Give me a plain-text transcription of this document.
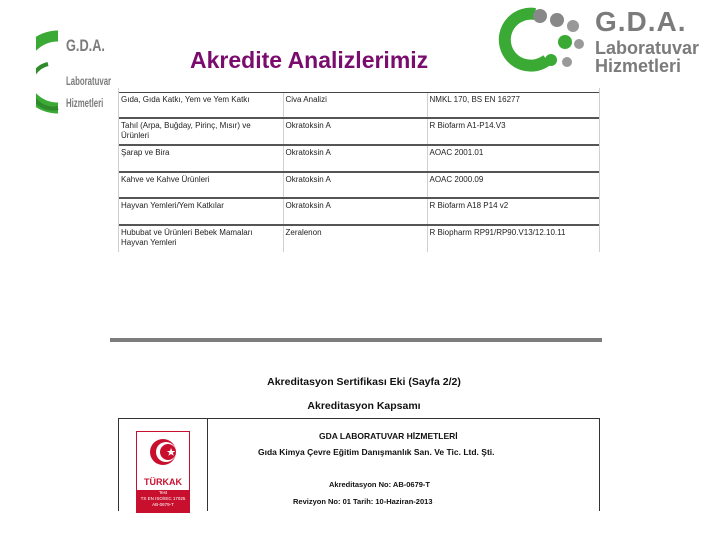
G.D.A.
Laboratuvar
Hizmetleri
Akredite Analizlerimiz
G.D.A.
Laboratuvar
Hizmetleri
Gıda, Gıda Katkı, Yem ve Yem Katkı	Civa Analizi	NMKL 170, BS EN 16277
Tahıl (Arpa, Buğday, Pirinç, Mısır) ve Ürünleri	Okratoksin A	R Biofarm A1-P14.V3
Şarap ve Bira	Okratoksin A	AOAC 2001.01
Kahve ve Kahve Ürünleri	Okratoksin A	AOAC 2000.09
Hayvan Yemleri/Yem Katkılar	Okratoksin A	R Biofarm A18 P14 v2
Hububat ve Ürünleri Bebek Mamaları Hayvan Yemleri	Zeralenon	R Biopharm RP91/RP90.V13/12.10.11
Akreditasyon Sertifikası Eki (Sayfa 2/2)
Akreditasyon Kapsamı
TÜRKAK
Test
TS EN ISO/IEC 17025
AB-0679-T
GDA LABORATUVAR HİZMETLERİ
Gıda Kimya Çevre Eğitim Danışmanlık San. Ve Tic. Ltd. Şti.
Akreditasyon No: AB-0679-T
Revizyon No: 01 Tarih: 10-Haziran-2013
